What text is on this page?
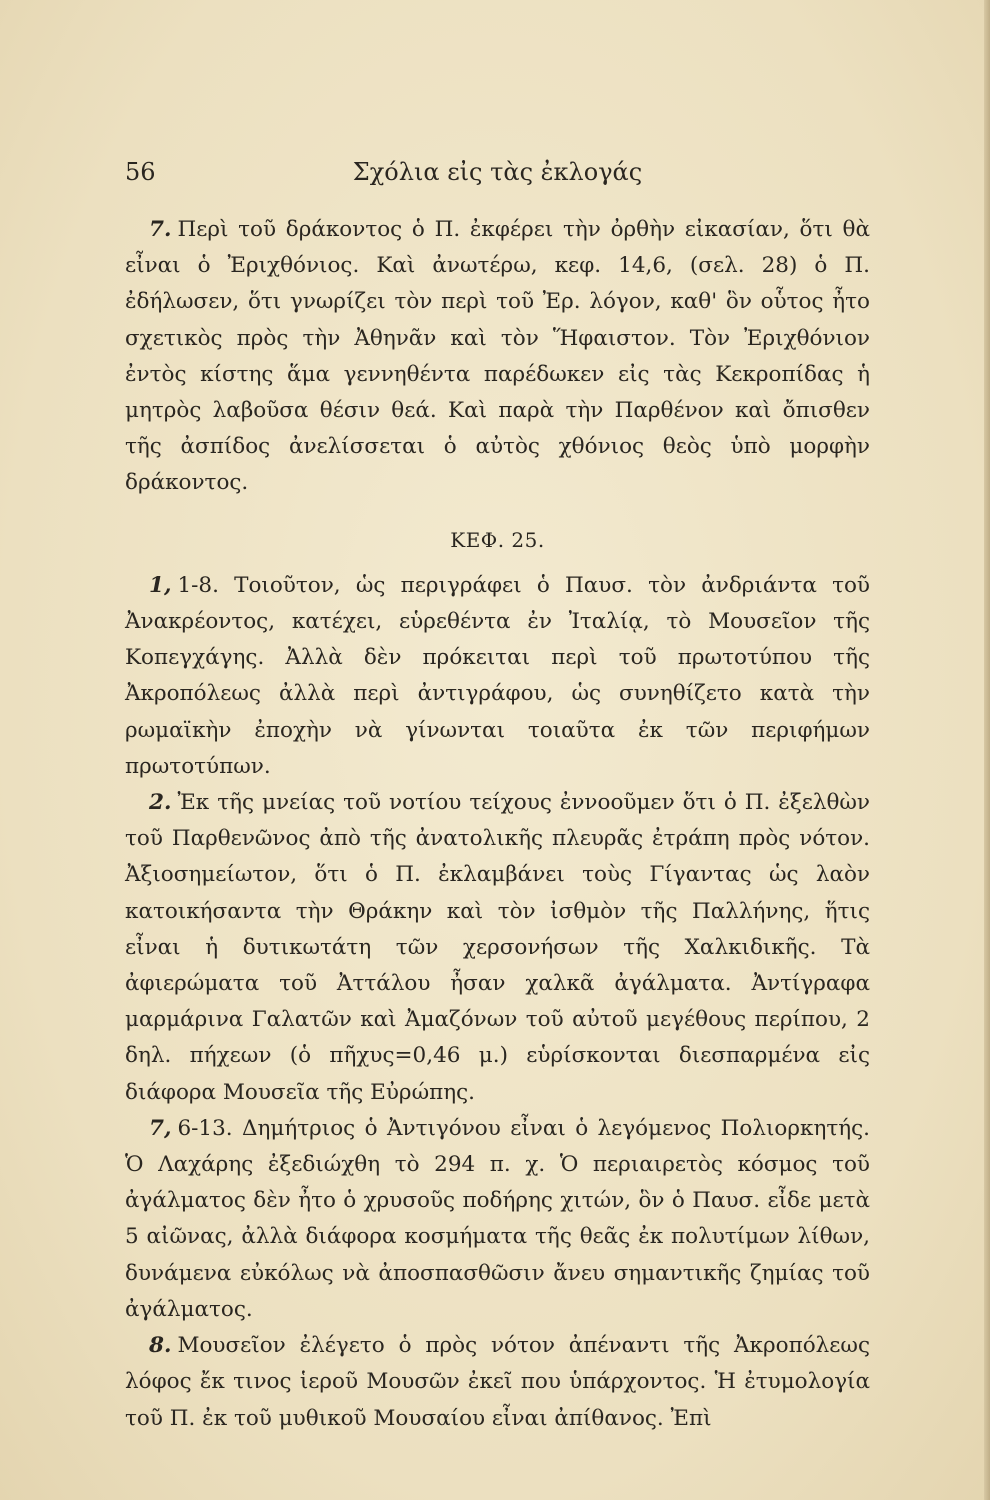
56	Σχόλια εἰς τὰς ἐκλογάς

7. Περὶ τοῦ δράκοντος ὁ Π. ἐκφέρει τὴν ὀρθὴν εἰκασίαν, ὅτι θὰ εἶναι ὁ Ἐριχθόνιος. Καὶ ἀνωτέρω, κεφ. 14,6, (σελ. 28) ὁ Π. ἐδήλωσεν, ὅτι γνωρίζει τὸν περὶ τοῦ Ἐρ. λόγον, καθ' ὃν οὗτος ἦτο σχετικὸς πρὸς τὴν Ἀθηνᾶν καὶ τὸν Ἥφαιστον. Τὸν Ἐριχθόνιον ἐντὸς κίστης ἅμα γεννηθέντα παρέδωκεν εἰς τὰς Κεκροπίδας ἡ μητρὸς λαβοῦσα θέσιν θεά. Καὶ παρὰ τὴν Παρθένον καὶ ὄπισθεν τῆς ἀσπίδος ἀνελίσσεται ὁ αὐτὸς χθόνιος θεὸς ὑπὸ μορφὴν δράκοντος.

ΚΕΦ. 25.

1, 1-8. Τοιοῦτον, ὡς περιγράφει ὁ Παυσ. τὸν ἀνδριάντα τοῦ Ἀνακρέοντος, κατέχει, εὑρεθέντα ἐν Ἰταλίᾳ, τὸ Μουσεῖον τῆς Κοπεγχάγης. Ἀλλὰ δὲν πρόκειται περὶ τοῦ πρωτοτύπου τῆς Ἀκροπόλεως ἀλλὰ περὶ ἀντιγράφου, ὡς συνηθίζετο κατὰ τὴν ρωμαϊκὴν ἐποχὴν νὰ γίνωνται τοιαῦτα ἐκ τῶν περιφήμων πρωτοτύπων.

2. Ἐκ τῆς μνείας τοῦ νοτίου τείχους ἐννοοῦμεν ὅτι ὁ Π. ἐξελθὼν τοῦ Παρθενῶνος ἀπὸ τῆς ἀνατολικῆς πλευρᾶς ἐτράπη πρὸς νότον. Ἀξιοσημείωτον, ὅτι ὁ Π. ἐκλαμβάνει τοὺς Γίγαντας ὡς λαὸν κατοικήσαντα τὴν Θράκην καὶ τὸν ἰσθμὸν τῆς Παλλήνης, ἥτις εἶναι ἡ δυτικωτάτη τῶν χερσονήσων τῆς Χαλκιδικῆς. Τὰ ἀφιερώματα τοῦ Ἀττάλου ἦσαν χαλκᾶ ἀγάλματα. Ἀντίγραφα μαρμάρινα Γαλατῶν καὶ Ἀμαζόνων τοῦ αὐτοῦ μεγέθους περίπου, 2 δηλ. πήχεων (ὁ πῆχυς=0,46 μ.) εὑρίσκονται διεσπαρμένα εἰς διάφορα Μουσεῖα τῆς Εὐρώπης.

7, 6-13. Δημήτριος ὁ Ἀντιγόνου εἶναι ὁ λεγόμενος Πολιορκητής. Ὁ Λαχάρης ἐξεδιώχθη τὸ 294 π. χ. Ὁ περιαιρετὸς κόσμος τοῦ ἀγάλματος δὲν ἦτο ὁ χρυσοῦς ποδήρης χιτών, ὃν ὁ Παυσ. εἶδε μετὰ 5 αἰῶνας, ἀλλὰ διάφορα κοσμήματα τῆς θεᾶς ἐκ πολυτίμων λίθων, δυνάμενα εὐκόλως νὰ ἀποσπασθῶσιν ἄνευ σημαντικῆς ζημίας τοῦ ἀγάλματος.

8. Μουσεῖον ἐλέγετο ὁ πρὸς νότον ἀπέναντι τῆς Ἀκροπόλεως λόφος ἔκ τινος ἱεροῦ Μουσῶν ἐκεῖ που ὑπάρχοντος. Ἡ ἐτυμολογία τοῦ Π. ἐκ τοῦ μυθικοῦ Μουσαίου εἶναι ἀπίθανος. Ἐπὶ
